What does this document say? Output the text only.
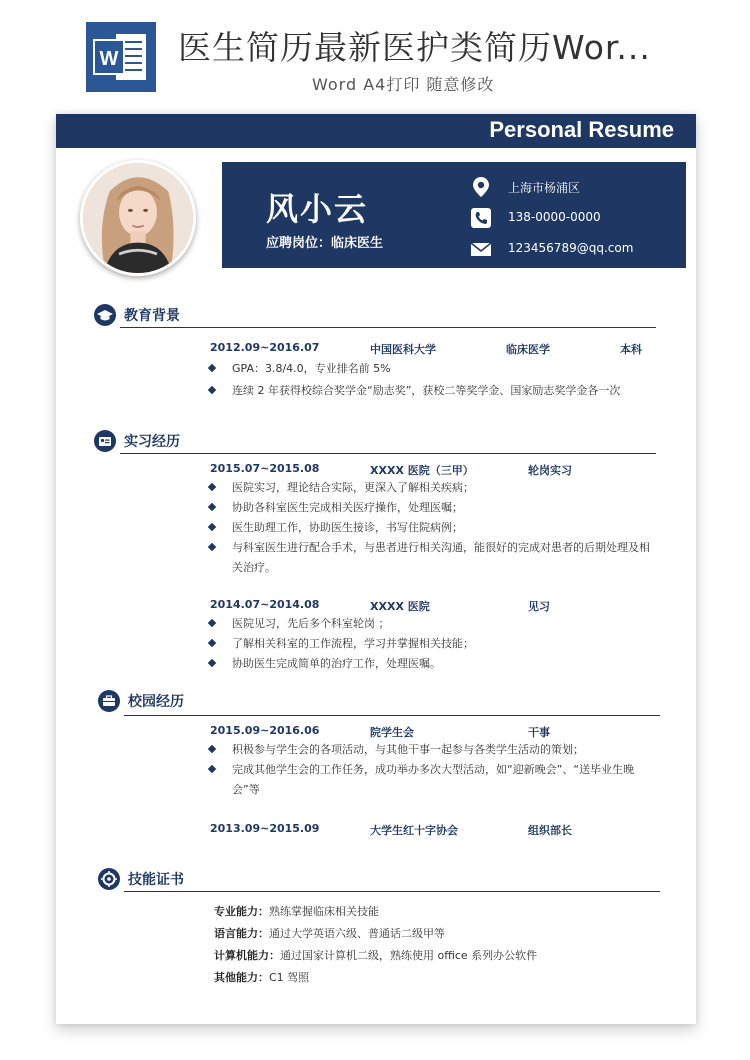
W 医生简历最新医护类简历Wor...
Word A4打印 随意修改
Personal Resume
风小云
应聘岗位：临床医生
上海市杨浦区
138-0000-0000
123456789@qq.com
教育背景
2012.09~2016.07	中国医科大学	临床医学	本科
GPA：3.8/4.0，专业排名前 5%
连续 2 年获得校综合奖学金“励志奖”，获校二等奖学金、国家励志奖学金各一次
实习经历
2015.07~2015.08	XXXX 医院（三甲）	轮岗实习
医院实习，理论结合实际，更深入了解相关疾病；
协助各科室医生完成相关医疗操作，处理医嘱；
医生助理工作，协助医生接诊，书写住院病例；
与科室医生进行配合手术，与患者进行相关沟通，能很好的完成对患者的后期处理及相关治疗。
2014.07~2014.08	XXXX 医院	见习
医院见习，先后多个科室轮岗 ；
了解相关科室的工作流程，学习并掌握相关技能；
协助医生完成简单的治疗工作，处理医嘱。
校园经历
2015.09~2016.06	院学生会	干事
积极参与学生会的各项活动，与其他干事一起参与各类学生活动的策划；
完成其他学生会的工作任务，成功举办多次大型活动，如“迎新晚会”、“送毕业生晚会”等
2013.09~2015.09	大学生红十字协会	组织部长
技能证书
专业能力：熟练掌握临床相关技能
语言能力：通过大学英语六级、普通话二级甲等
计算机能力：通过国家计算机二级，熟练使用 office 系列办公软件
其他能力：C1 驾照
